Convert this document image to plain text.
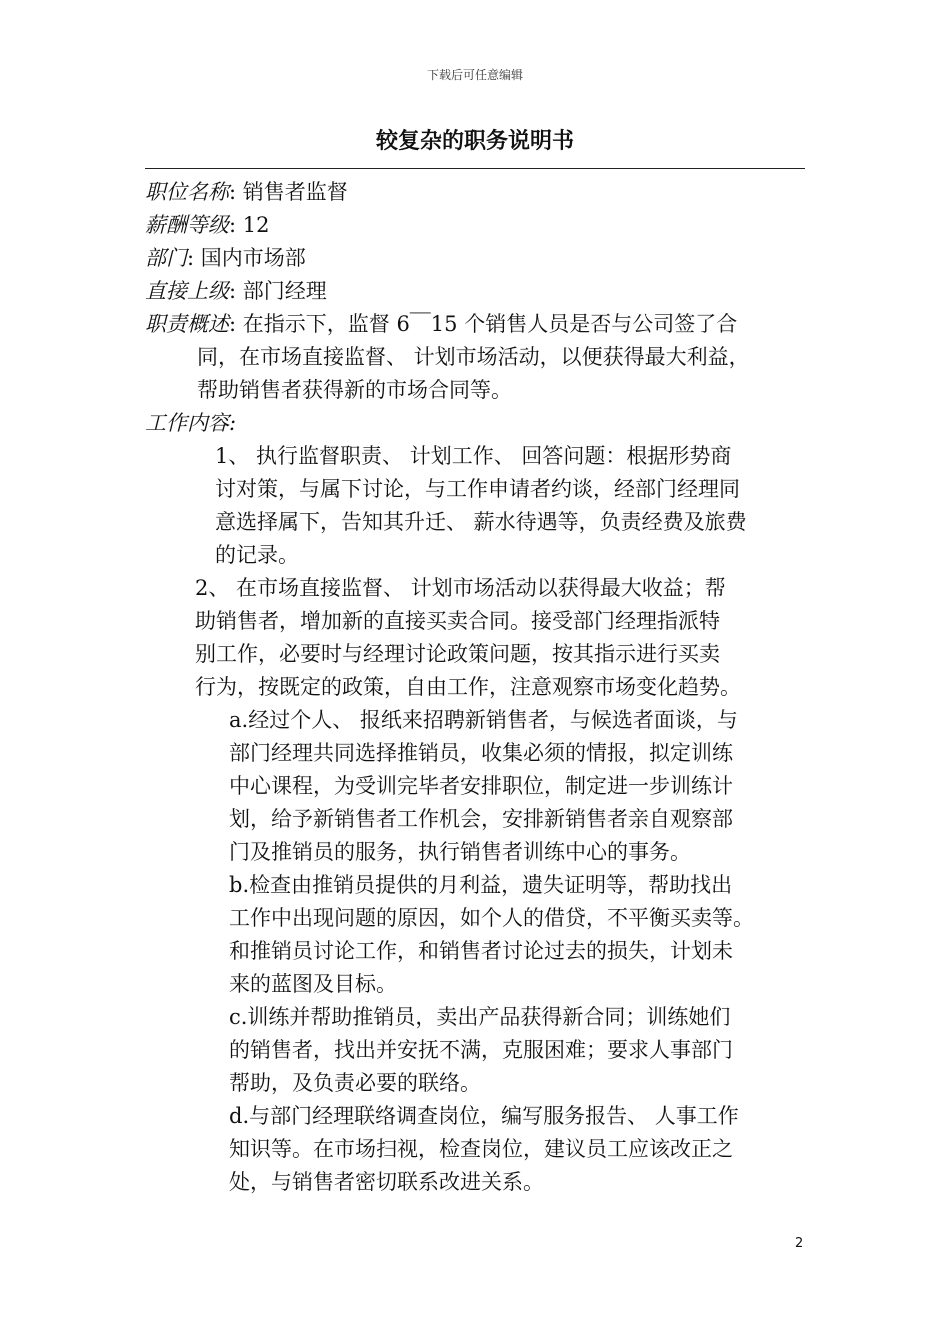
下载后可任意编辑
较复杂的职务说明书
职位名称: 销售者监督
薪酬等级: 12
部门: 国内市场部
直接上级: 部门经理

职责概述: 在指示下，监督 6￣15 个销售人员是否与公司签了合

同，在市场直接监督、 计划市场活动，以便获得最大利益，

帮助销售者获得新的市场合同等。

工作内容:

1、 执行监督职责、 计划工作、 回答问题：根据形势商

讨对策，与属下讨论，与工作申请者约谈，经部门经理同

意选择属下，告知其升迁、 薪水待遇等，负责经费及旅费

的记录。

2、 在市场直接监督、 计划市场活动以获得最大收益；帮

助销售者，增加新的直接买卖合同。接受部门经理指派特

别工作，必要时与经理讨论政策问题，按其指示进行买卖

行为，按既定的政策，自由工作，注意观察市场变化趋势。

a.经过个人、 报纸来招聘新销售者，与候选者面谈，与

部门经理共同选择推销员，收集必须的情报，拟定训练

中心课程，为受训完毕者安排职位，制定进一步训练计

划，给予新销售者工作机会，安排新销售者亲自观察部

门及推销员的服务，执行销售者训练中心的事务。

b.检查由推销员提供的月利益，遗失证明等，帮助找出

工作中出现问题的原因，如个人的借贷，不平衡买卖等。

和推销员讨论工作，和销售者讨论过去的损失，计划未

来的蓝图及目标。

c.训练并帮助推销员，卖出产品获得新合同；训练她们

的销售者，找出并安抚不满，克服困难；要求人事部门

帮助，及负责必要的联络。

d.与部门经理联络调查岗位，编写服务报告、 人事工作

知识等。在市场扫视，检查岗位，建议员工应该改正之

处，与销售者密切联系改进关系。

2
